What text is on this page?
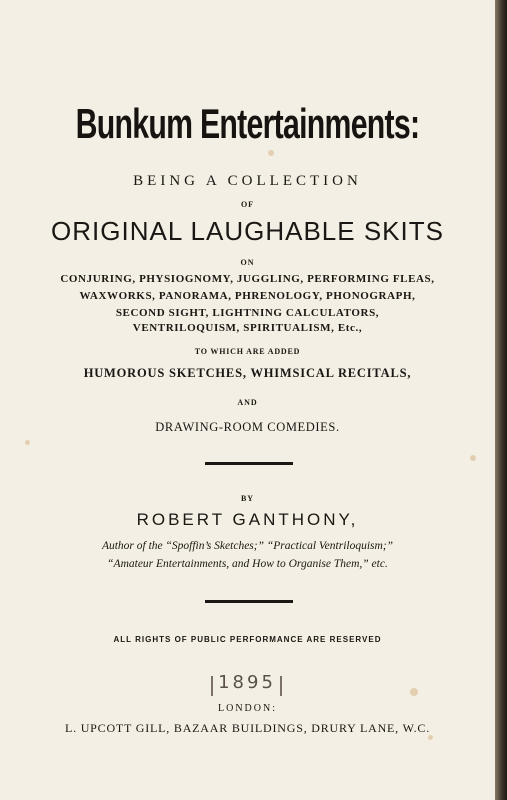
Bunkum Entertainments:
BEING A COLLECTION
OF
ORIGINAL LAUGHABLE SKITS
ON
CONJURING, PHYSIOGNOMY, JUGGLING, PERFORMING FLEAS,
WAXWORKS, PANORAMA, PHRENOLOGY, PHONOGRAPH,
SECOND SIGHT, LIGHTNING CALCULATORS,
VENTRILOQUISM, SPIRITUALISM, Etc.,
TO WHICH ARE ADDED
HUMOROUS SKETCHES, WHIMSICAL RECITALS,
AND
DRAWING-ROOM COMEDIES.
BY
ROBERT GANTHONY,
Author of the “Spoffin’s Sketches;” “Practical Ventriloquism;”
“Amateur Entertainments, and How to Organise Them,” etc.
ALL RIGHTS OF PUBLIC PERFORMANCE ARE RESERVED
1895
LONDON:
L. UPCOTT GILL, BAZAAR BUILDINGS, DRURY LANE, W.C.
